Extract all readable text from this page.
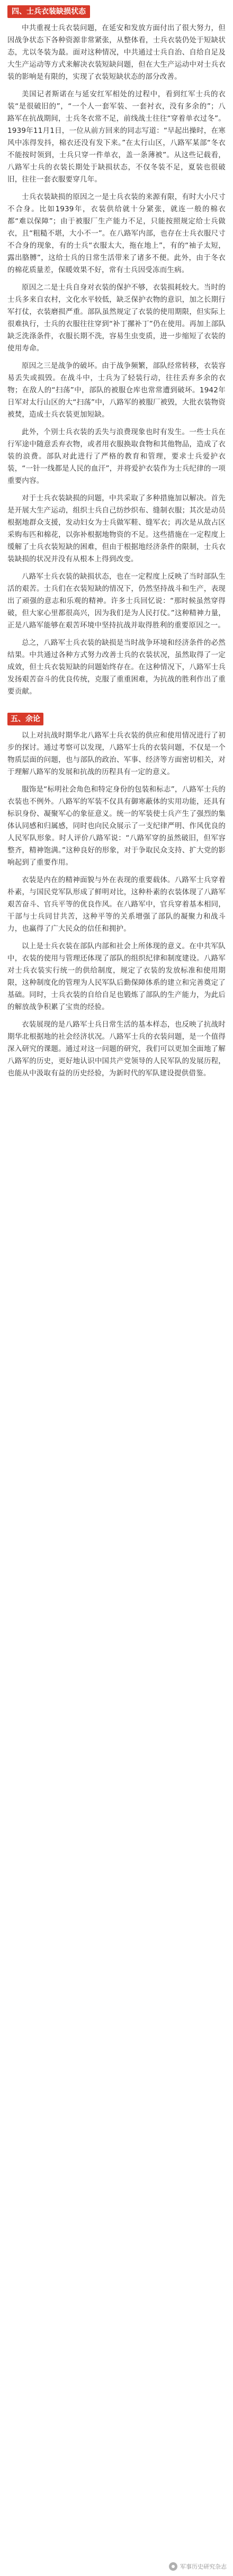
四、士兵衣装缺损状态

中共重视士兵衣装问题，在延安和发放方面付出了很大努力，但因战争状态下各种资源非常紧张，从整体看，士兵衣装仍处于短缺状态，尤以冬装为最。面对这种情况，中共通过士兵自治、自给自足及大生产运动等方式来解决衣装短缺问题，但在大生产运动中对士兵衣装的影响是有限的，实现了衣装短缺状态的部分改善。

美国记者斯诺在与延安红军相处的过程中，看到红军士兵的衣装“是很破旧的”，“一个人一套军装、一套衬衣，没有多余的”；八路军在抗战期间，士兵冬衣常不足，前线战士往往“穿着单衣过冬”。1939年11月1日，一位从前方回来的同志写道：“早起出操时，在寒风中冻得发抖，棉衣还没有发下来。”在太行山区，八路军某部“冬衣不能按时领到，士兵只穿一件单衣，盖一条薄被”。从这些记载看，八路军士兵的衣装长期处于缺损状态，不仅冬装不足，夏装也很破旧，往往一套衣服要穿几年。

士兵衣装缺损的原因之一是士兵衣装的来源有限，有时大小尺寸不合身。比如1939年，衣装供给就十分紧张，就连一般的棉衣都“难以保障”；由于被服厂生产能力不足，只能按照规定给士兵做衣，且“粗糙不堪，大小不一”。在八路军内部，也存在士兵衣服尺寸不合身的现象，有的士兵“衣服太大，拖在地上”，有的“袖子太短，露出胳膊”，这给士兵的日常生活带来了诸多不便。此外，由于冬衣的棉花质量差，保暖效果不好，常有士兵因受冻而生病。

原因之二是士兵自身对衣装的保护不够，衣装损耗较大。当时的士兵多来自农村，文化水平较低，缺乏保护衣物的意识，加之长期行军打仗，衣装磨损严重。部队虽然规定了衣装的使用期限，但实际上很难执行，士兵的衣服往往穿到“补丁摞补丁”仍在使用。再加上部队缺乏洗涤条件，衣服长期不洗，容易生虫变质，进一步缩短了衣装的使用寿命。

原因之三是战争的破坏。由于战争频繁，部队经常转移，衣装容易丢失或损毁。在战斗中，士兵为了轻装行动，往往丢弃多余的衣物；在敌人的“扫荡”中，部队的被服仓库也常常遭到破坏。1942年日军对太行山区的大“扫荡”中，八路军的被服厂被毁，大批衣装物资被焚，造成士兵衣装更加短缺。

此外，个别士兵衣装的丢失与浪费现象也时有发生。一些士兵在行军途中随意丢弃衣物，或者用衣服换取食物和其他物品，造成了衣装的浪费。部队对此进行了严格的教育和管理，要求士兵爱护衣装，“一针一线都是人民的血汗”，并将爱护衣装作为士兵纪律的一项重要内容。

对于士兵衣装缺损的问题，中共采取了多种措施加以解决。首先是开展大生产运动，组织士兵自己纺纱织布、缝制衣服；其次是动员根据地群众支援，发动妇女为士兵做军鞋、缝军衣；再次是从敌占区采购布匹和棉花，以弥补根据地物资的不足。这些措施在一定程度上缓解了士兵衣装短缺的困难，但由于根据地经济条件的限制，士兵衣装缺损的状况并没有从根本上得到改变。

八路军士兵衣装的缺损状态，也在一定程度上反映了当时部队生活的艰苦。士兵们在衣装短缺的情况下，仍然坚持战斗和生产，表现出了顽强的意志和乐观的精神。许多士兵回忆说：“那时候虽然穿得破，但大家心里都很高兴，因为我们是为人民打仗。”这种精神力量，正是八路军能够在艰苦环境中坚持抗战并取得胜利的重要原因之一。

总之，八路军士兵衣装的缺损是当时战争环境和经济条件的必然结果。中共通过各种方式努力改善士兵的衣装状况，虽然取得了一定成效，但士兵衣装短缺的问题始终存在。在这种情况下，八路军士兵发扬艰苦奋斗的优良传统，克服了重重困难，为抗战的胜利作出了重要贡献。

五、余论

以上对抗战时期华北八路军士兵衣装的供应和使用情况进行了初步的探讨。通过考察可以发现，八路军士兵的衣装问题，不仅是一个物质层面的问题，也与部队的政治、军事、经济等方面密切相关，对于理解八路军的发展和抗战的历程具有一定的意义。

服饰是“标明社会角色和特定身份的包装和标志”，八路军士兵的衣装也不例外。八路军的军装不仅具有御寒蔽体的实用功能，还具有标识身份、凝聚军心的象征意义。统一的军装使士兵产生了强烈的集体认同感和归属感，同时也向民众展示了一支纪律严明、作风优良的人民军队形象。时人评价八路军说：“八路军穿的虽然破旧，但军容整齐，精神饱满。”这种良好的形象，对于争取民众支持、扩大党的影响起到了重要作用。

衣装是内在的精神面貌与外在表现的重要载体。八路军士兵穿着朴素，与国民党军队形成了鲜明对比，这种朴素的衣装体现了八路军艰苦奋斗、官兵平等的优良作风。在八路军中，官兵穿着基本相同，干部与士兵同甘共苦，这种平等的关系增强了部队的凝聚力和战斗力，也赢得了广大民众的信任和拥护。

以上是士兵衣装在部队内部和社会上所体现的意义。在中共军队中，衣装的使用与管理还体现了部队的组织纪律和制度建设。八路军对士兵衣装实行统一的供给制度，规定了衣装的发放标准和使用期限，这种制度化的管理为人民军队后勤保障体系的建立和完善奠定了基础。同时，士兵衣装的自给自足也锻炼了部队的生产能力，为此后的解放战争积累了宝贵的经验。

衣装展现的是八路军士兵日常生活的基本样态，也反映了抗战时期华北根据地的社会经济状况。八路军士兵的衣装问题，是一个值得深入研究的课题。通过对这一问题的研究，我们可以更加全面地了解八路军的历史，更好地认识中国共产党领导的人民军队的发展历程，也能从中汲取有益的历史经验，为新时代的军队建设提供借鉴。

军事历史研究杂志
